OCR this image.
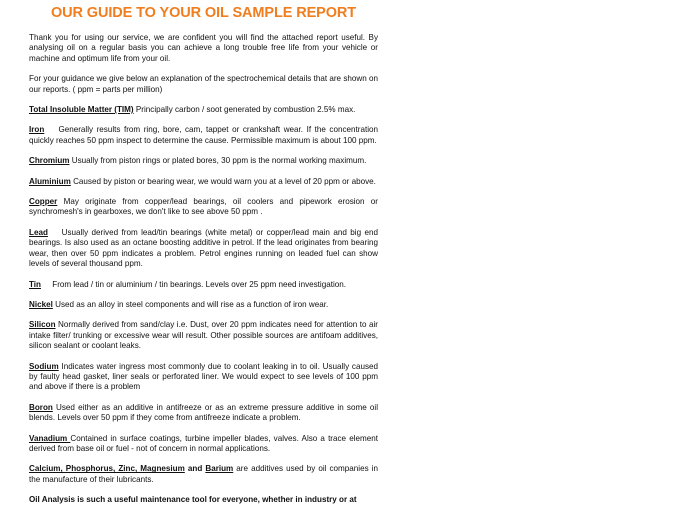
OUR GUIDE TO YOUR OIL SAMPLE REPORT

Thank you for using our service, we are confident you will find the attached report useful. By analysing oil on a regular basis you can achieve a long trouble free life from your vehicle or machine and optimum life from your oil.

For your guidance we give below an explanation of the spectrochemical details that are shown on our reports. ( ppm = parts per million)

Total Insoluble Matter (TIM) Principally carbon / soot generated by combustion 2.5% max.

Iron    Generally results from ring, bore, cam, tappet or crankshaft wear. If the concentration quickly reaches 50 ppm inspect to determine the cause. Permissible maximum is about 100 ppm.

Chromium Usually from piston rings or plated bores, 30 ppm is the normal working maximum.

Aluminium Caused by piston or bearing wear, we would warn you at a level of 20 ppm or above.

Copper May originate from copper/lead bearings, oil coolers and pipework erosion or synchromesh's in gearboxes, we don't like to see above 50 ppm .

Lead    Usually derived from lead/tin bearings (white metal) or copper/lead main and big end bearings. Is also used as an octane boosting additive in petrol. If the lead originates from bearing wear, then over 50 ppm indicates a problem. Petrol engines running on leaded fuel can show levels of several thousand ppm.

Tin     From lead / tin or aluminium / tin bearings. Levels over 25 ppm need investigation.

Nickel Used as an alloy in steel components and will rise as a function of iron wear.

Silicon Normally derived from sand/clay i.e. Dust, over 20 ppm indicates need for attention to air intake filter/ trunking or excessive wear will result. Other possible sources are antifoam additives, silicon sealant or coolant leaks.

Sodium Indicates water ingress most commonly due to coolant leaking in to oil. Usually caused by faulty head gasket, liner seals or perforated liner. We would expect to see levels of 100 ppm and above if there is a problem

Boron Used either as an additive in antifreeze or as an extreme pressure additive in some oil blends. Levels over 50 ppm if they come from antifreeze indicate a problem.

Vanadium Contained in surface coatings, turbine impeller blades, valves. Also a trace element derived from base oil or fuel - not of concern in normal applications.

Calcium, Phosphorus, Zinc, Magnesium and Barium are additives used by oil companies in the manufacture of their lubricants.

Oil Analysis is such a useful maintenance tool for everyone, whether in industry or at
